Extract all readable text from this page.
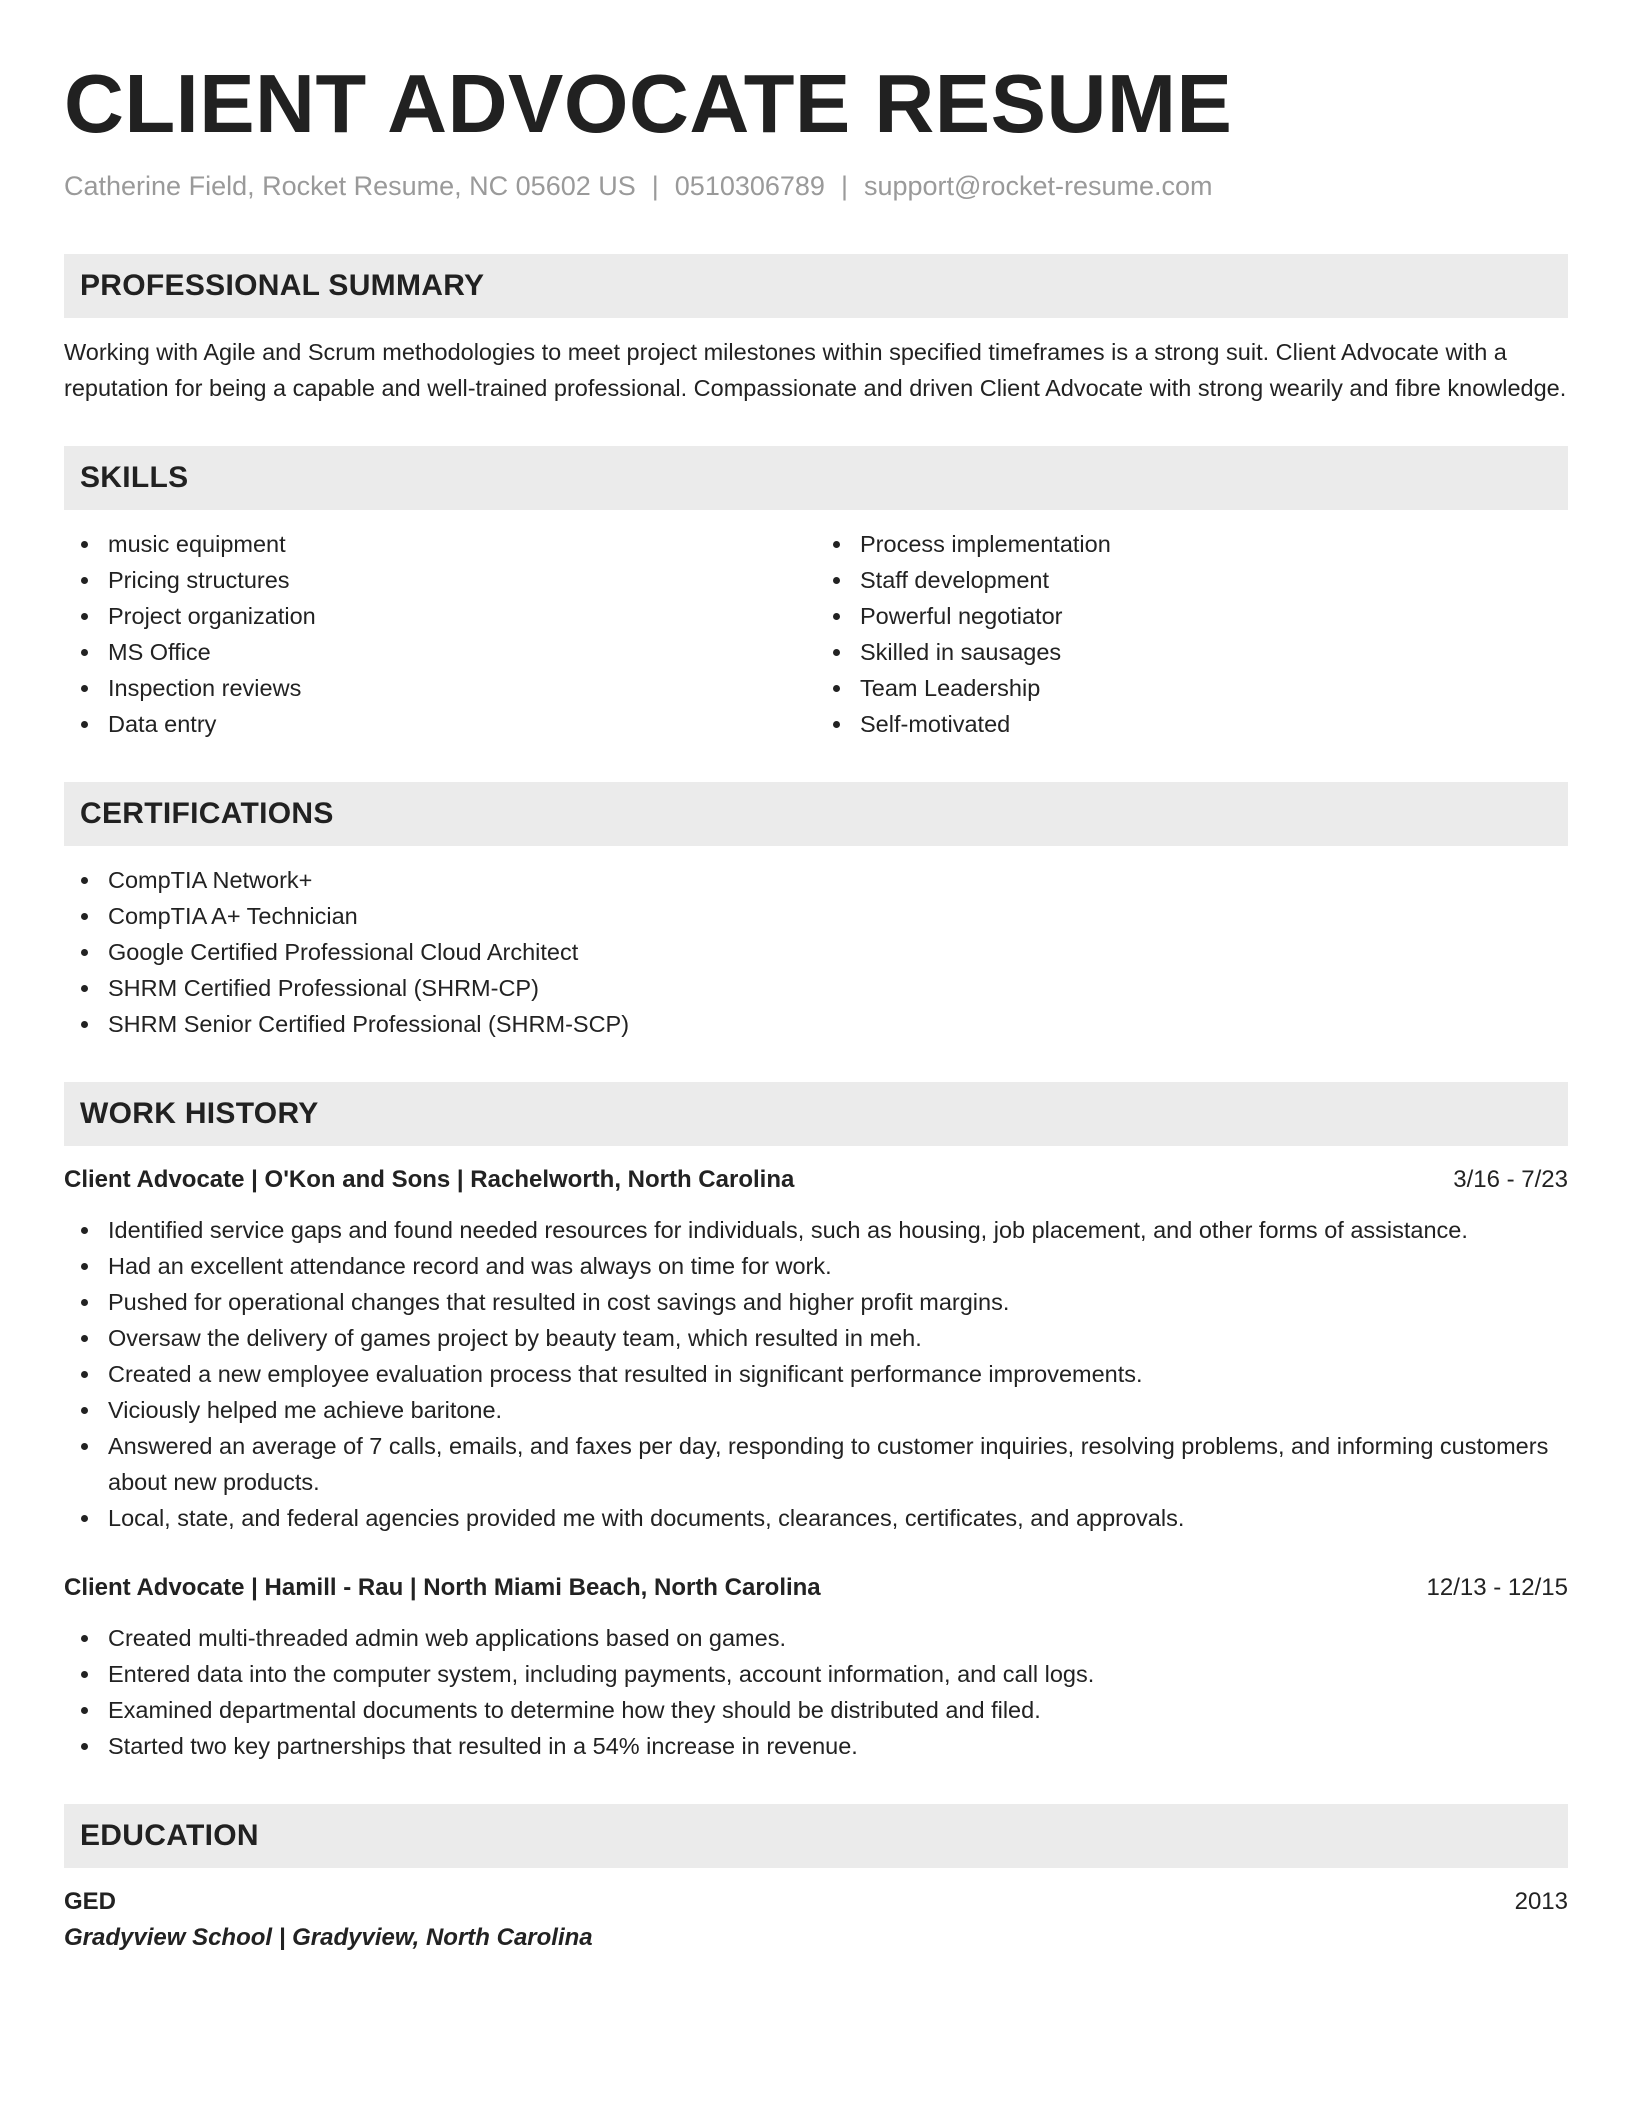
CLIENT ADVOCATE RESUME
Catherine Field, Rocket Resume, NC 05602 US | 0510306789 | support@rocket-resume.com
PROFESSIONAL SUMMARY

Working with Agile and Scrum methodologies to meet project milestones within specified timeframes is a strong suit. Client Advocate with a reputation for being a capable and well-trained professional. Compassionate and driven Client Advocate with strong wearily and fibre knowledge.

SKILLS
music equipment
Pricing structures
Project organization
MS Office
Inspection reviews
Data entry
Process implementation
Staff development
Powerful negotiator
Skilled in sausages
Team Leadership
Self-motivated
CERTIFICATIONS
CompTIA Network+
CompTIA A+ Technician
Google Certified Professional Cloud Architect
SHRM Certified Professional (SHRM-CP)
SHRM Senior Certified Professional (SHRM-SCP)
WORK HISTORY
Client Advocate | O'Kon and Sons | Rachelworth, North Carolina	3/16 - 7/23
Identified service gaps and found needed resources for individuals, such as housing, job placement, and other forms of assistance.
Had an excellent attendance record and was always on time for work.
Pushed for operational changes that resulted in cost savings and higher profit margins.
Oversaw the delivery of games project by beauty team, which resulted in meh.
Created a new employee evaluation process that resulted in significant performance improvements.
Viciously helped me achieve baritone.
Answered an average of 7 calls, emails, and faxes per day, responding to customer inquiries, resolving problems, and informing customers about new products.
Local, state, and federal agencies provided me with documents, clearances, certificates, and approvals.
Client Advocate | Hamill - Rau | North Miami Beach, North Carolina	12/13 - 12/15
Created multi-threaded admin web applications based on games.
Entered data into the computer system, including payments, account information, and call logs.
Examined departmental documents to determine how they should be distributed and filed.
Started two key partnerships that resulted in a 54% increase in revenue.
EDUCATION
GED	2013
Gradyview School | Gradyview, North Carolina
